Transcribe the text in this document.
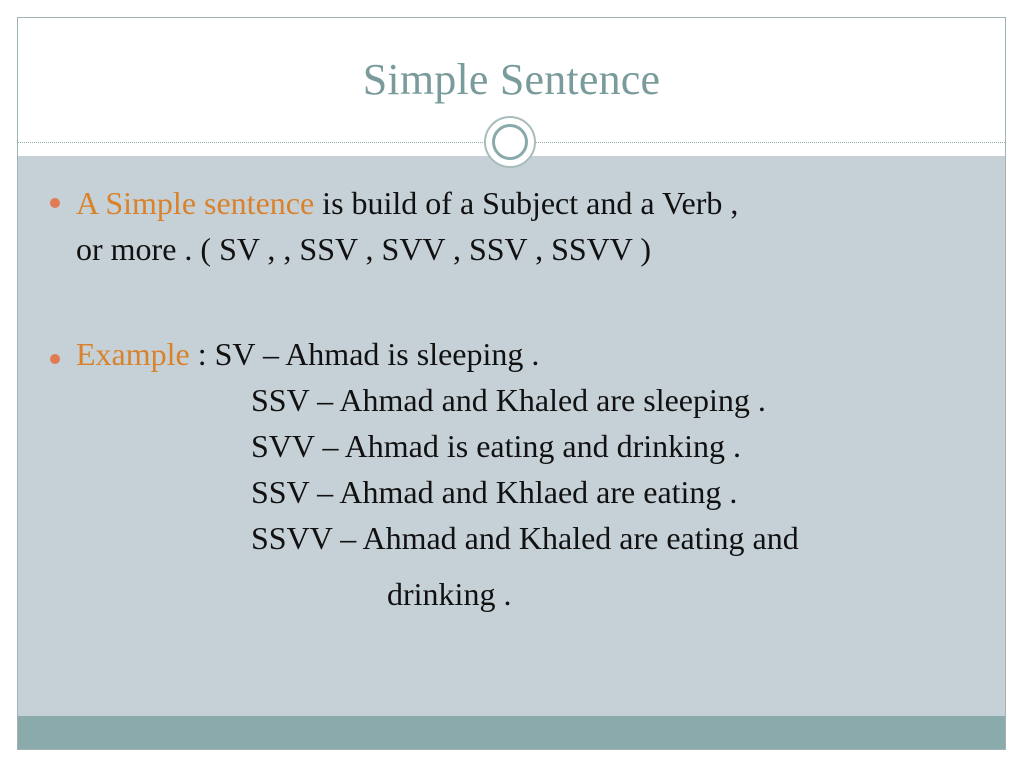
Simple Sentence
A Simple sentence is build of a Subject and a Verb ,
or more . ( SV , , SSV , SVV , SSV , SSVV )
Example : SV – Ahmad is sleeping .
SSV – Ahmad and Khaled are sleeping .
SVV – Ahmad is eating and drinking .
SSV – Ahmad and Khlaed are eating .
SSVV – Ahmad and Khaled are eating and
drinking .
